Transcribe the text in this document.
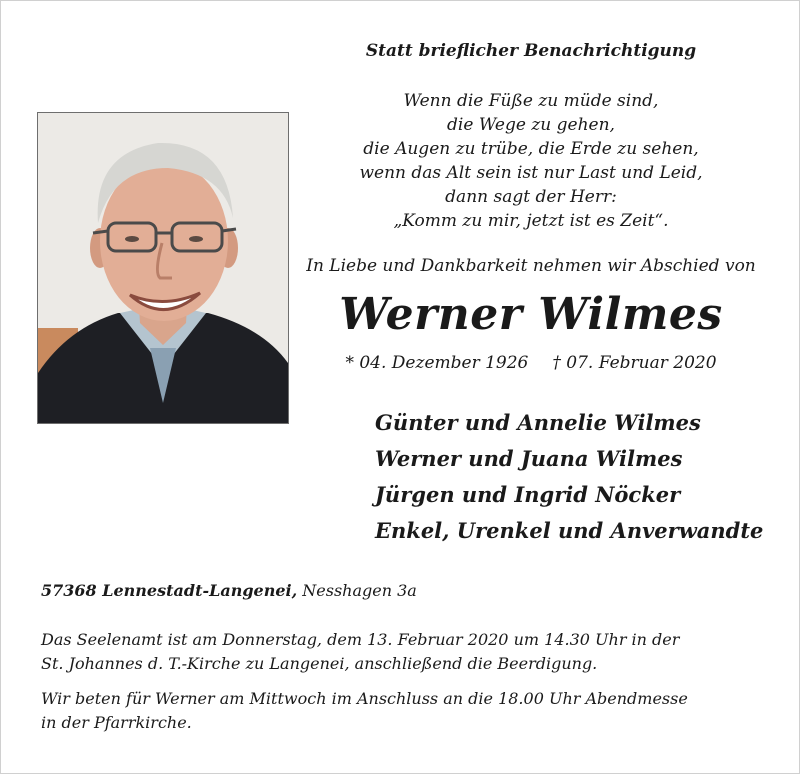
Statt brieflicher Benachrichtigung
Wenn die Füße zu müde sind,
die Wege zu gehen,
die Augen zu trübe, die Erde zu sehen,
wenn das Alt sein ist nur Last und Leid,
dann sagt der Herr:
„Komm zu mir, jetzt ist es Zeit“.
In Liebe und Dankbarkeit nehmen wir Abschied von
Werner Wilmes
* 04. Dezember 1926 † 07. Februar 2020
Günter und Annelie Wilmes
Werner und Juana Wilmes
Jürgen und Ingrid Nöcker
Enkel, Urenkel und Anverwandte
57368 Lennestadt-Langenei, Nesshagen 3a
Das Seelenamt ist am Donnerstag, dem 13. Februar 2020 um 14.30 Uhr in der
St. Johannes d. T.-Kirche zu Langenei, anschließend die Beerdigung.
Wir beten für Werner am Mittwoch im Anschluss an die 18.00 Uhr Abendmesse
in der Pfarrkirche.
